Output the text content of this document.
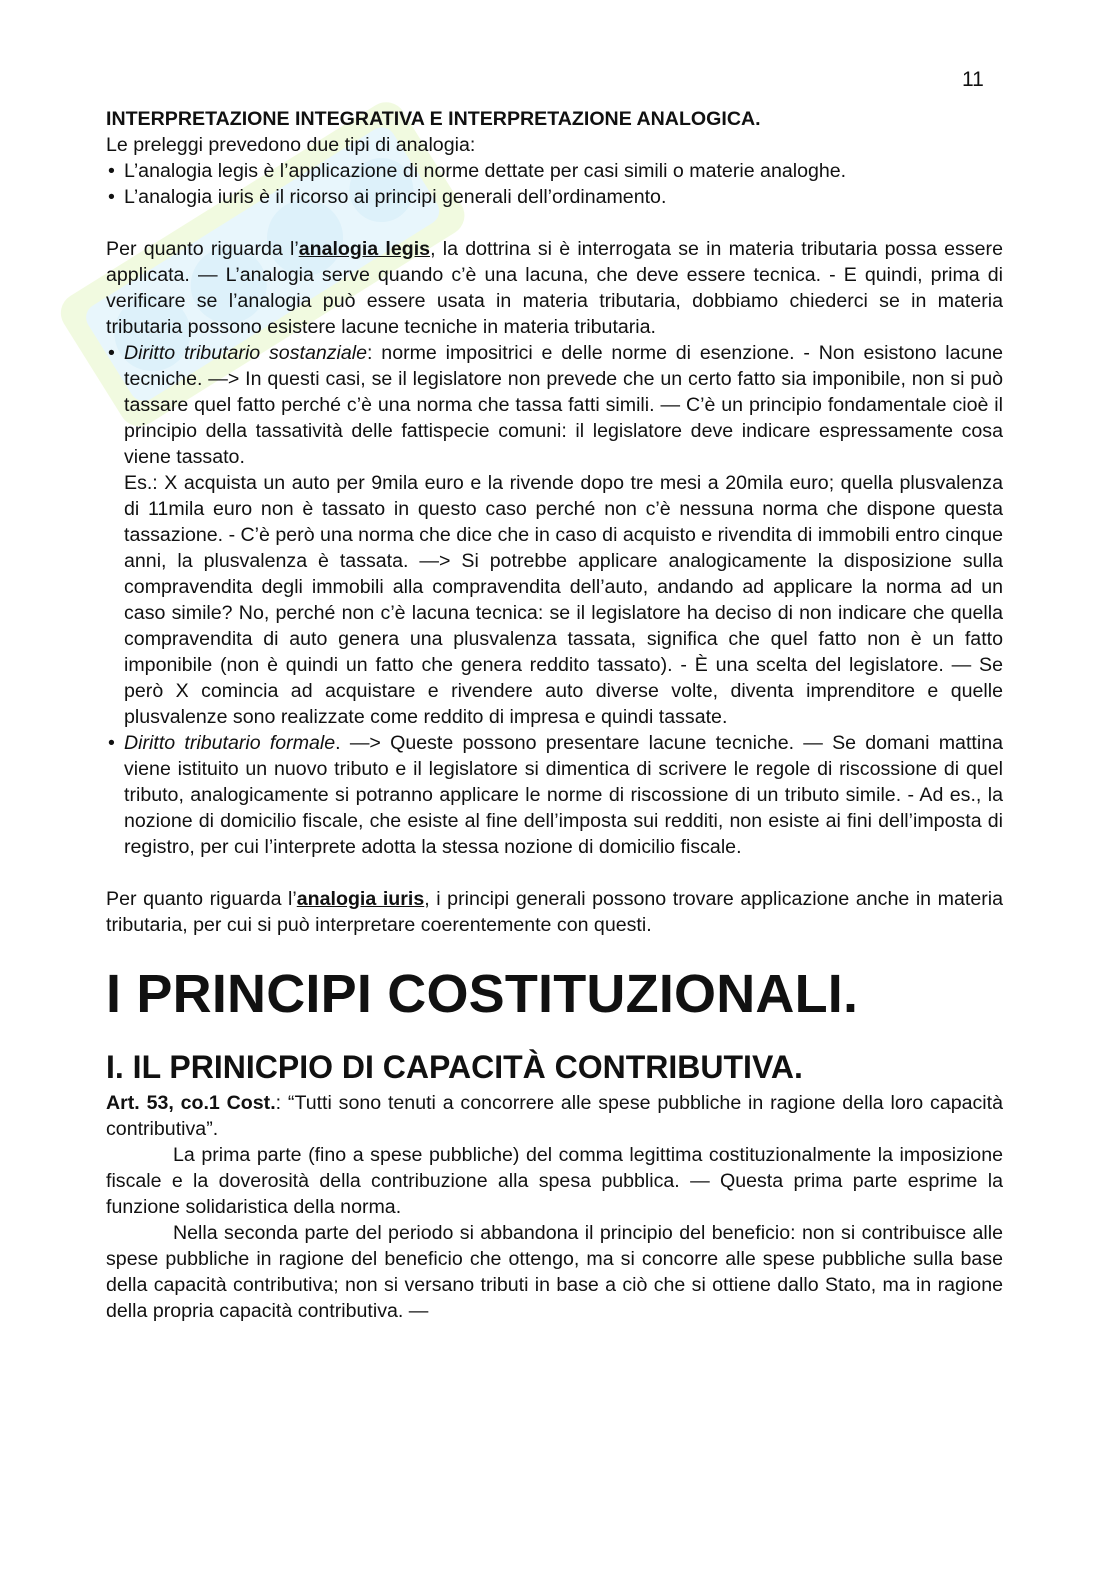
11

INTERPRETAZIONE INTEGRATIVA E INTERPRETAZIONE ANALOGICA.

Le preleggi prevedono due tipi di analogia:

• L’analogia legis è l’applicazione di norme dettate per casi simili o materie analoghe.
• L’analogia iuris è il ricorso ai principi generali dell’ordinamento.

Per quanto riguarda l’analogia legis, la dottrina si è interrogata se in materia tributaria possa essere applicata. — L’analogia serve quando c’è una lacuna, che deve essere tecnica. - E quindi, prima di verificare se l’analogia può essere usata in materia tributaria, dobbiamo chiederci se in materia tributaria possono esistere lacune tecniche in materia tributaria.

• Diritto tributario sostanziale: norme impositrici e delle norme di esenzione. - Non esistono lacune tecniche. —> In questi casi, se il legislatore non prevede che un certo fatto sia imponibile, non si può tassare quel fatto perché c’è una norma che tassa fatti simili. — C’è un principio fondamentale cioè il principio della tassatività delle fattispecie comuni: il legislatore deve indicare espressamente cosa viene tassato.
Es.: X acquista un auto per 9mila euro e la rivende dopo tre mesi a 20mila euro; quella plusvalenza di 11mila euro non è tassato in questo caso perché non c’è nessuna norma che dispone questa tassazione. - C’è però una norma che dice che in caso di acquisto e rivendita di immobili entro cinque anni, la plusvalenza è tassata. —> Si potrebbe applicare analogicamente la disposizione sulla compravendita degli immobili alla compravendita dell’auto, andando ad applicare la norma ad un caso simile? No, perché non c’è lacuna tecnica: se il legislatore ha deciso di non indicare che quella compravendita di auto genera una plusvalenza tassata, significa che quel fatto non è un fatto imponibile (non è quindi un fatto che genera reddito tassato). - È una scelta del legislatore. — Se però X comincia ad acquistare e rivendere auto diverse volte, diventa imprenditore e quelle plusvalenze sono realizzate come reddito di impresa e quindi tassate.
• Diritto tributario formale. —> Queste possono presentare lacune tecniche. — Se domani mattina viene istituito un nuovo tributo e il legislatore si dimentica di scrivere le regole di riscossione di quel tributo, analogicamente si potranno applicare le norme di riscossione di un tributo simile. - Ad es., la nozione di domicilio fiscale, che esiste al fine dell’imposta sui redditi, non esiste ai fini dell’imposta di registro, per cui l’interprete adotta la stessa nozione di domicilio fiscale.

Per quanto riguarda l’analogia iuris, i principi generali possono trovare applicazione anche in materia tributaria, per cui si può interpretare coerentemente con questi.

I PRINCIPI COSTITUZIONALI.
I. IL PRINICPIO DI CAPACITÀ CONTRIBUTIVA.

Art. 53, co.1 Cost.: “Tutti sono tenuti a concorrere alle spese pubbliche in ragione della loro capacità contributiva”.

La prima parte (fino a spese pubbliche) del comma legittima costituzionalmente la imposizione fiscale e la doverosità della contribuzione alla spesa pubblica. — Questa prima parte esprime la funzione solidaristica della norma.

Nella seconda parte del periodo si abbandona il principio del beneficio: non si contribuisce alle spese pubbliche in ragione del beneficio che ottengo, ma si concorre alle spese pubbliche sulla base della capacità contributiva; non si versano tributi in base a ciò che si ottiene dallo Stato, ma in ragione della propria capacità contributiva. —
